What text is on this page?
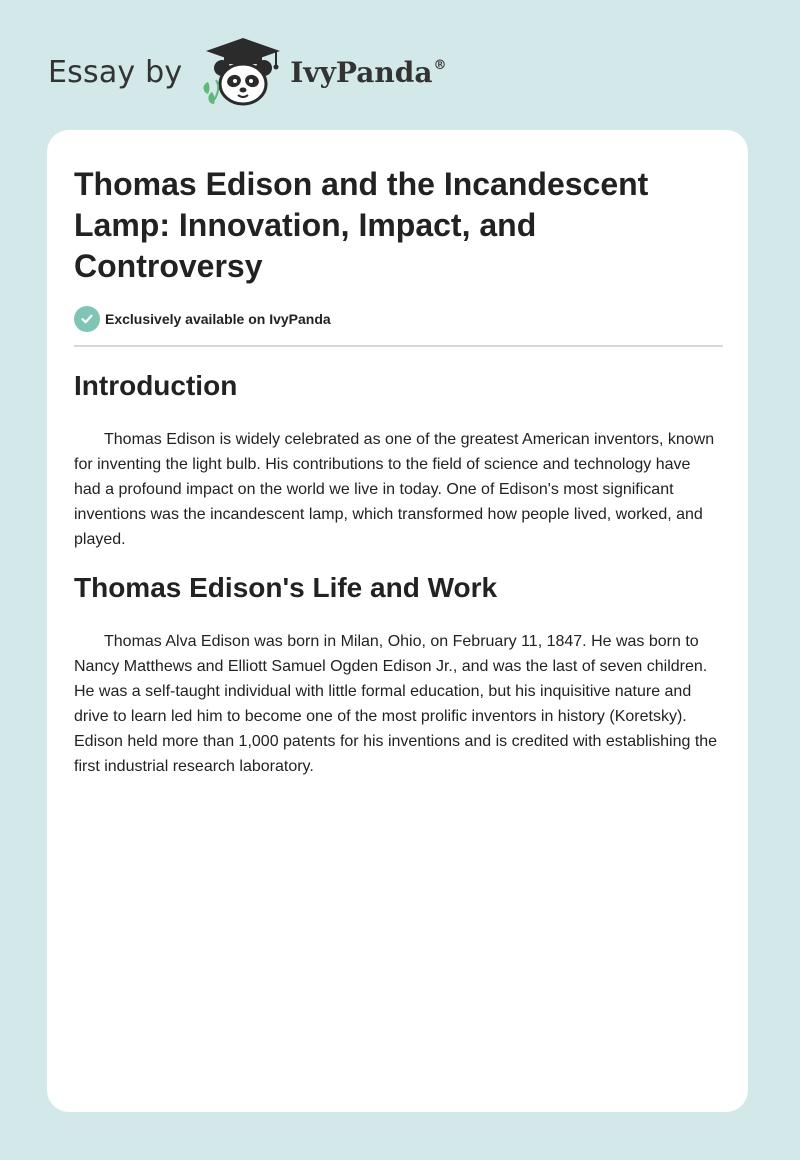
Essay by	IvyPanda®
Thomas Edison and the Incandescent Lamp: Innovation, Impact, and Controversy
Exclusively available on IvyPanda
Introduction

Thomas Edison is widely celebrated as one of the greatest American inventors, known for inventing the light bulb. His contributions to the field of science and technology have had a profound impact on the world we live in today. One of Edison's most significant inventions was the incandescent lamp, which transformed how people lived, worked, and played.

Thomas Edison's Life and Work

Thomas Alva Edison was born in Milan, Ohio, on February 11, 1847. He was born to Nancy Matthews and Elliott Samuel Ogden Edison Jr., and was the last of seven children. He was a self-taught individual with little formal education, but his inquisitive nature and drive to learn led him to become one of the most prolific inventors in history (Koretsky). Edison held more than 1,000 patents for his inventions and is credited with establishing the first industrial research laboratory.
